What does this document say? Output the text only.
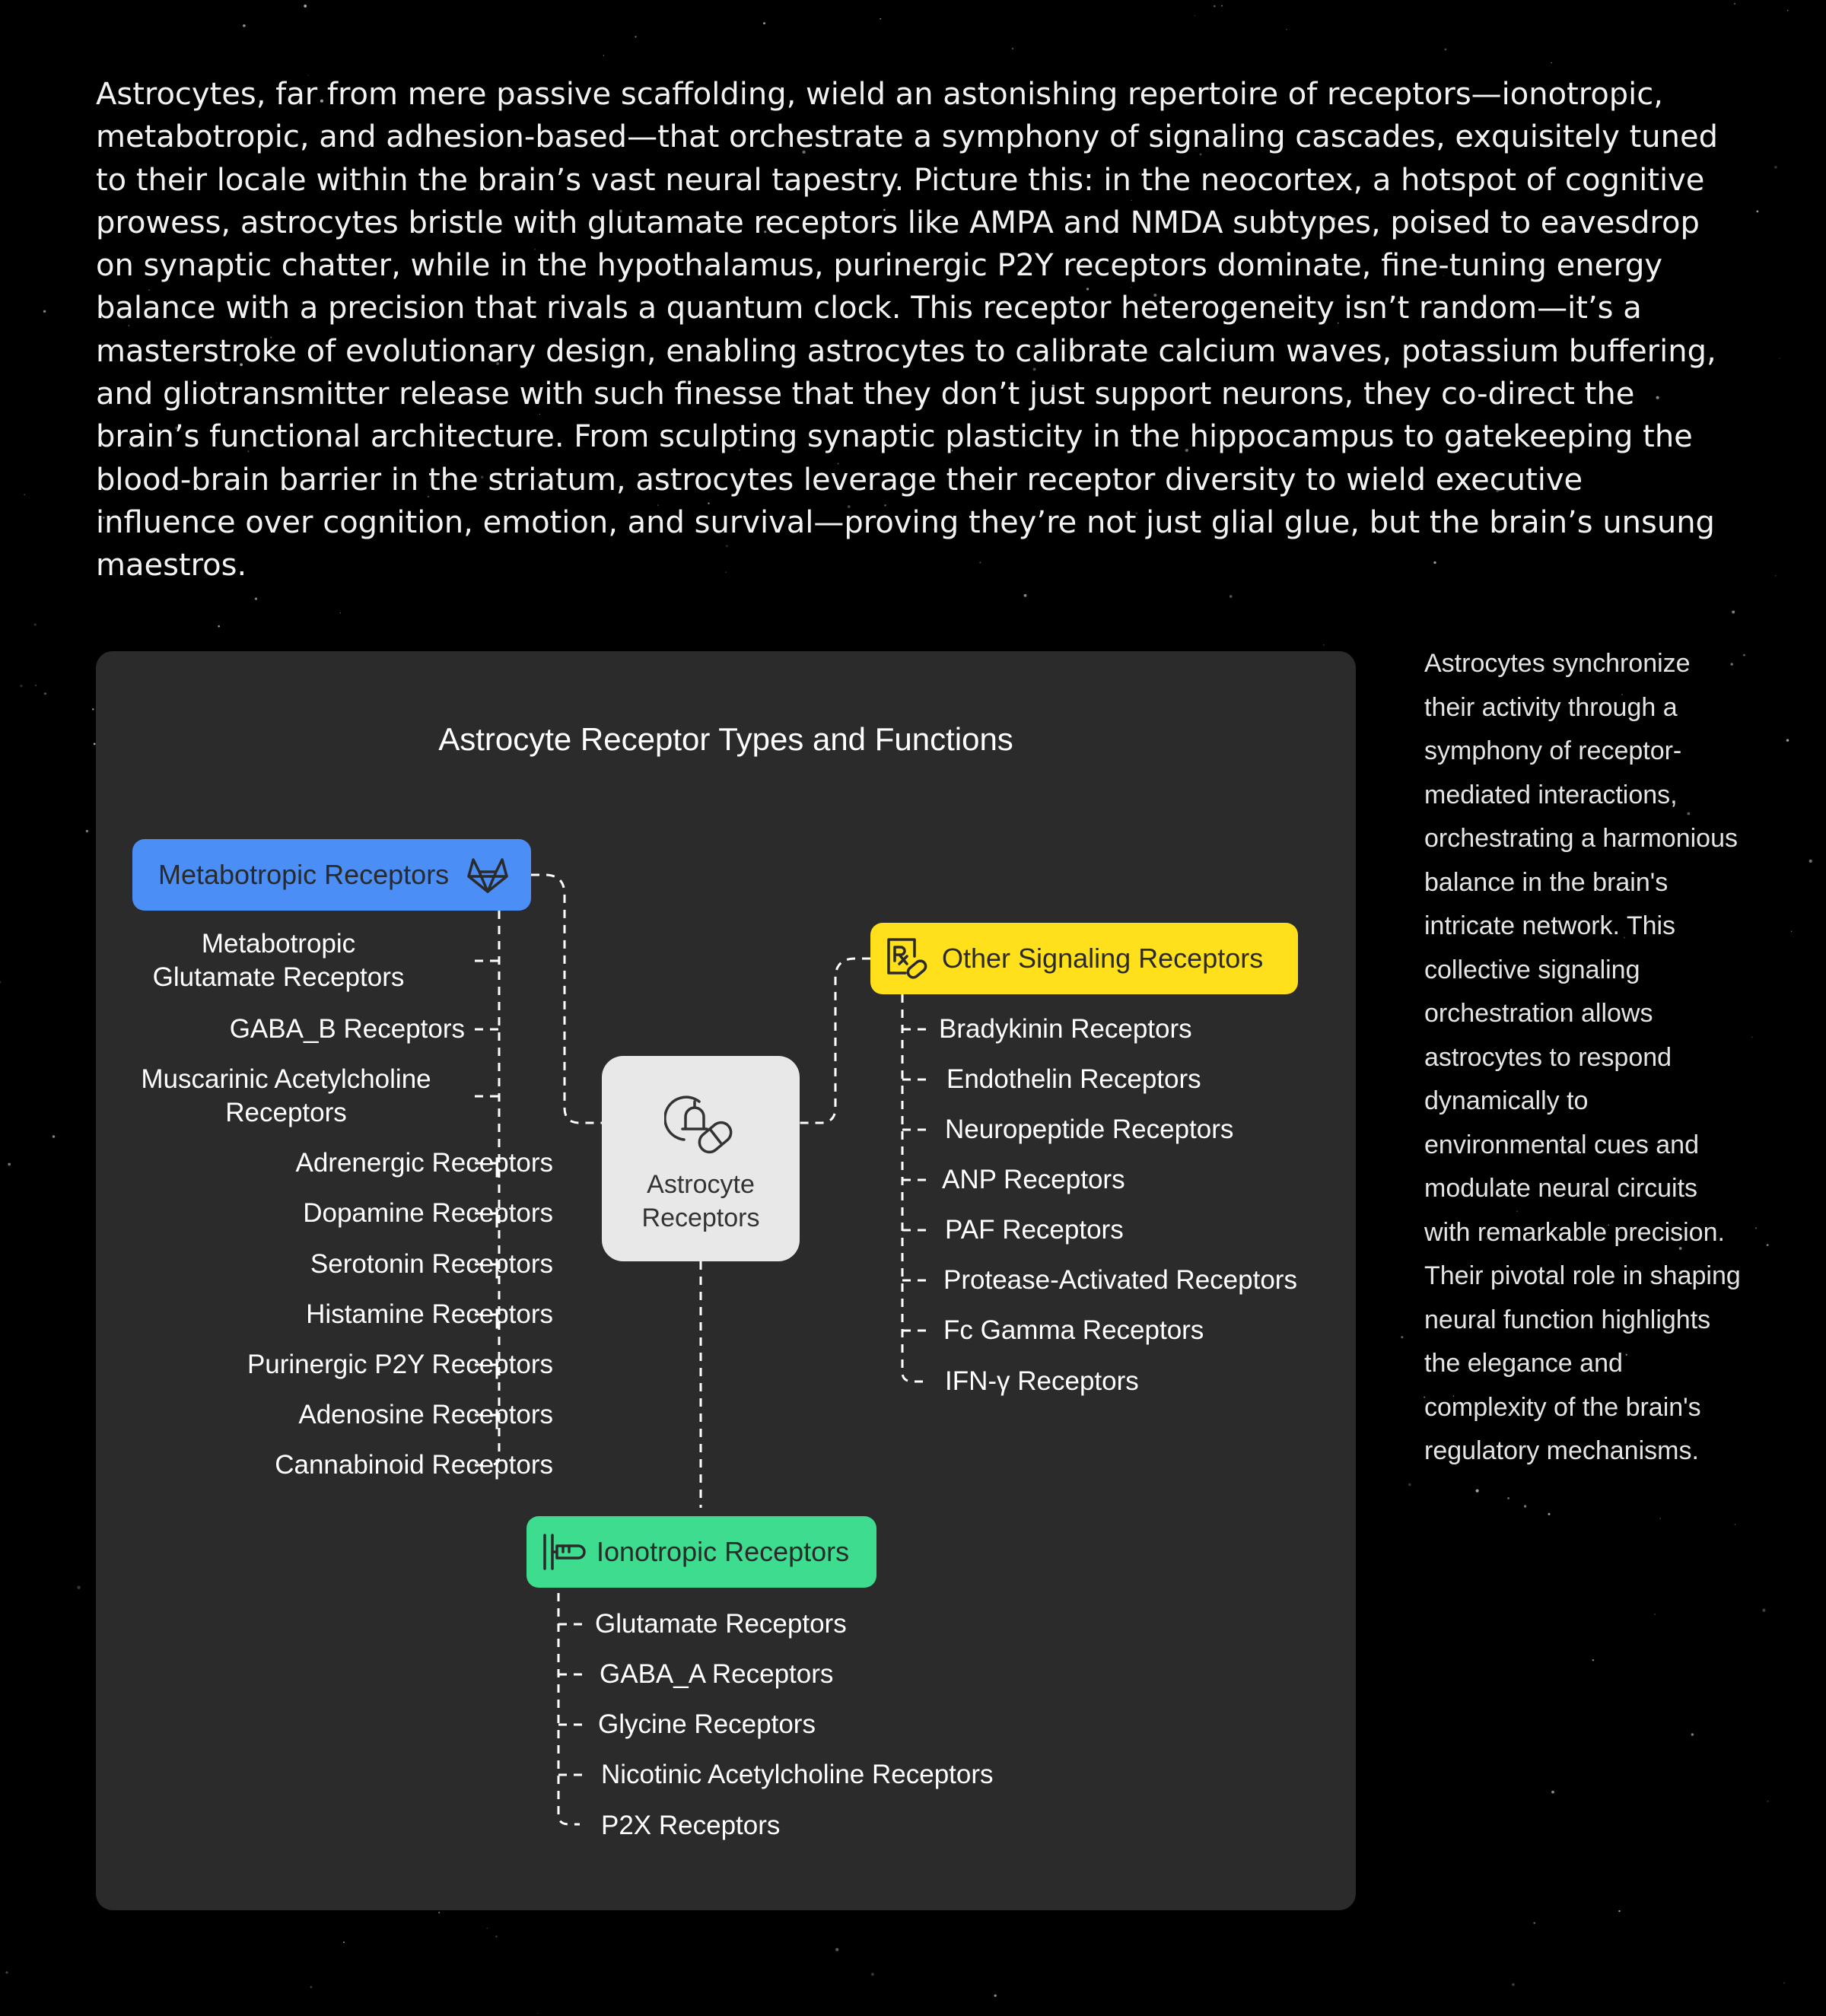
Astrocytes, far from mere passive scaffolding, wield an astonishing repertoire of receptors—ionotropic, metabotropic, and adhesion-based—that orchestrate a symphony of signaling cascades, exquisitely tuned to their locale within the brain’s vast neural tapestry. Picture this: in the neocortex, a hotspot of cognitive prowess, astrocytes bristle with glutamate receptors like AMPA and NMDA subtypes, poised to eavesdrop on synaptic chatter, while in the hypothalamus, purinergic P2Y receptors dominate, fine-tuning energy balance with a precision that rivals a quantum clock. This receptor heterogeneity isn’t random—it’s a masterstroke of evolutionary design, enabling astrocytes to calibrate calcium waves, potassium buffering, and gliotransmitter release with such finesse that they don’t just support neurons, they co-direct the brain’s functional architecture. From sculpting synaptic plasticity in the hippocampus to gatekeeping the blood-brain barrier in the striatum, astrocytes leverage their receptor diversity to wield executive influence over cognition, emotion, and survival—proving they’re not just glial glue, but the brain’s unsung maestros.

Astrocyte Receptor Types and Functions
Metabotropic Receptors
Other Signaling Receptors
Ionotropic Receptors
Astrocyte
Receptors
Metabotropic Glutamate Receptors
GABA_B Receptors
Muscarinic Acetylcholine Receptors
Adrenergic Receptors
Dopamine Receptors
Serotonin Receptors
Histamine Receptors
Purinergic P2Y Receptors
Adenosine Receptors
Cannabinoid Receptors
Bradykinin Receptors
Endothelin Receptors
Neuropeptide Receptors
ANP Receptors
PAF Receptors
Protease-Activated Receptors
Fc Gamma Receptors
IFN-γ Receptors
Glutamate Receptors
GABA_A Receptors
Glycine Receptors
Nicotinic Acetylcholine Receptors
P2X Receptors
Astrocytes synchronize their activity through a symphony of receptor-mediated interactions, orchestrating a harmonious balance in the brain's intricate network. This collective signaling orchestration allows astrocytes to respond dynamically to environmental cues and modulate neural circuits with remarkable precision. Their pivotal role in shaping neural function highlights the elegance and complexity of the brain's regulatory mechanisms.
